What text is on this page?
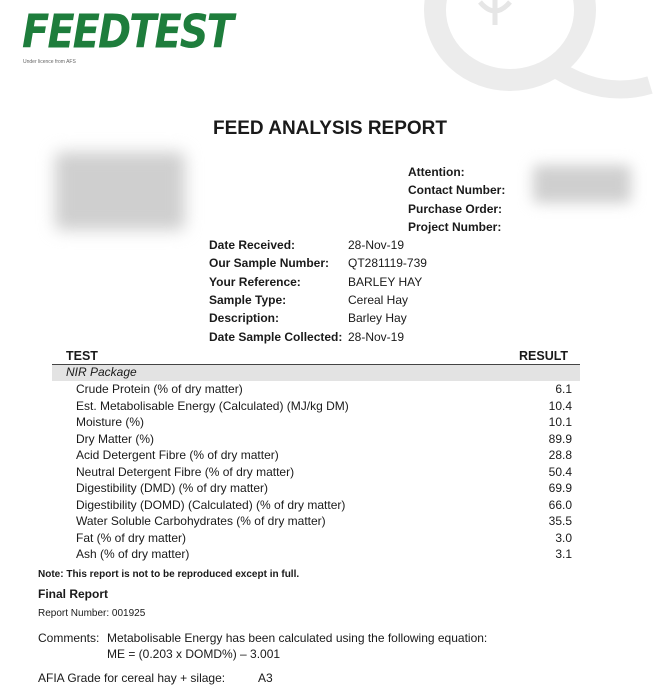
FEEDTEST
Under licence from AFS
FEED ANALYSIS REPORT
Attention:
Contact Number:
Purchase Order:
Project Number:
Date Received:	28-Nov-19
Our Sample Number: QT281119-739
Your Reference:	BARLEY HAY
Sample Type:	Cereal Hay
Description:	Barley Hay
Date Sample Collected: 28-Nov-19
TEST	RESULT
NIR Package
Crude Protein (% of dry matter)	6.1
Est. Metabolisable Energy (Calculated) (MJ/kg DM)	10.4
Moisture (%)	10.1
Dry Matter (%)	89.9
Acid Detergent Fibre (% of dry matter)	28.8
Neutral Detergent Fibre (% of dry matter)	50.4
Digestibility (DMD) (% of dry matter)	69.9
Digestibility (DOMD) (Calculated) (% of dry matter)	66.0
Water Soluble Carbohydrates (% of dry matter)	35.5
Fat (% of dry matter)	3.0
Ash (% of dry matter)	3.1
Note: This report is not to be reproduced except in full.
Final Report
Report Number: 001925
Comments: Metabolisable Energy has been calculated using the following equation:
ME = (0.203 x DOMD%) – 3.001
AFIA Grade for cereal hay + silage:	A3
